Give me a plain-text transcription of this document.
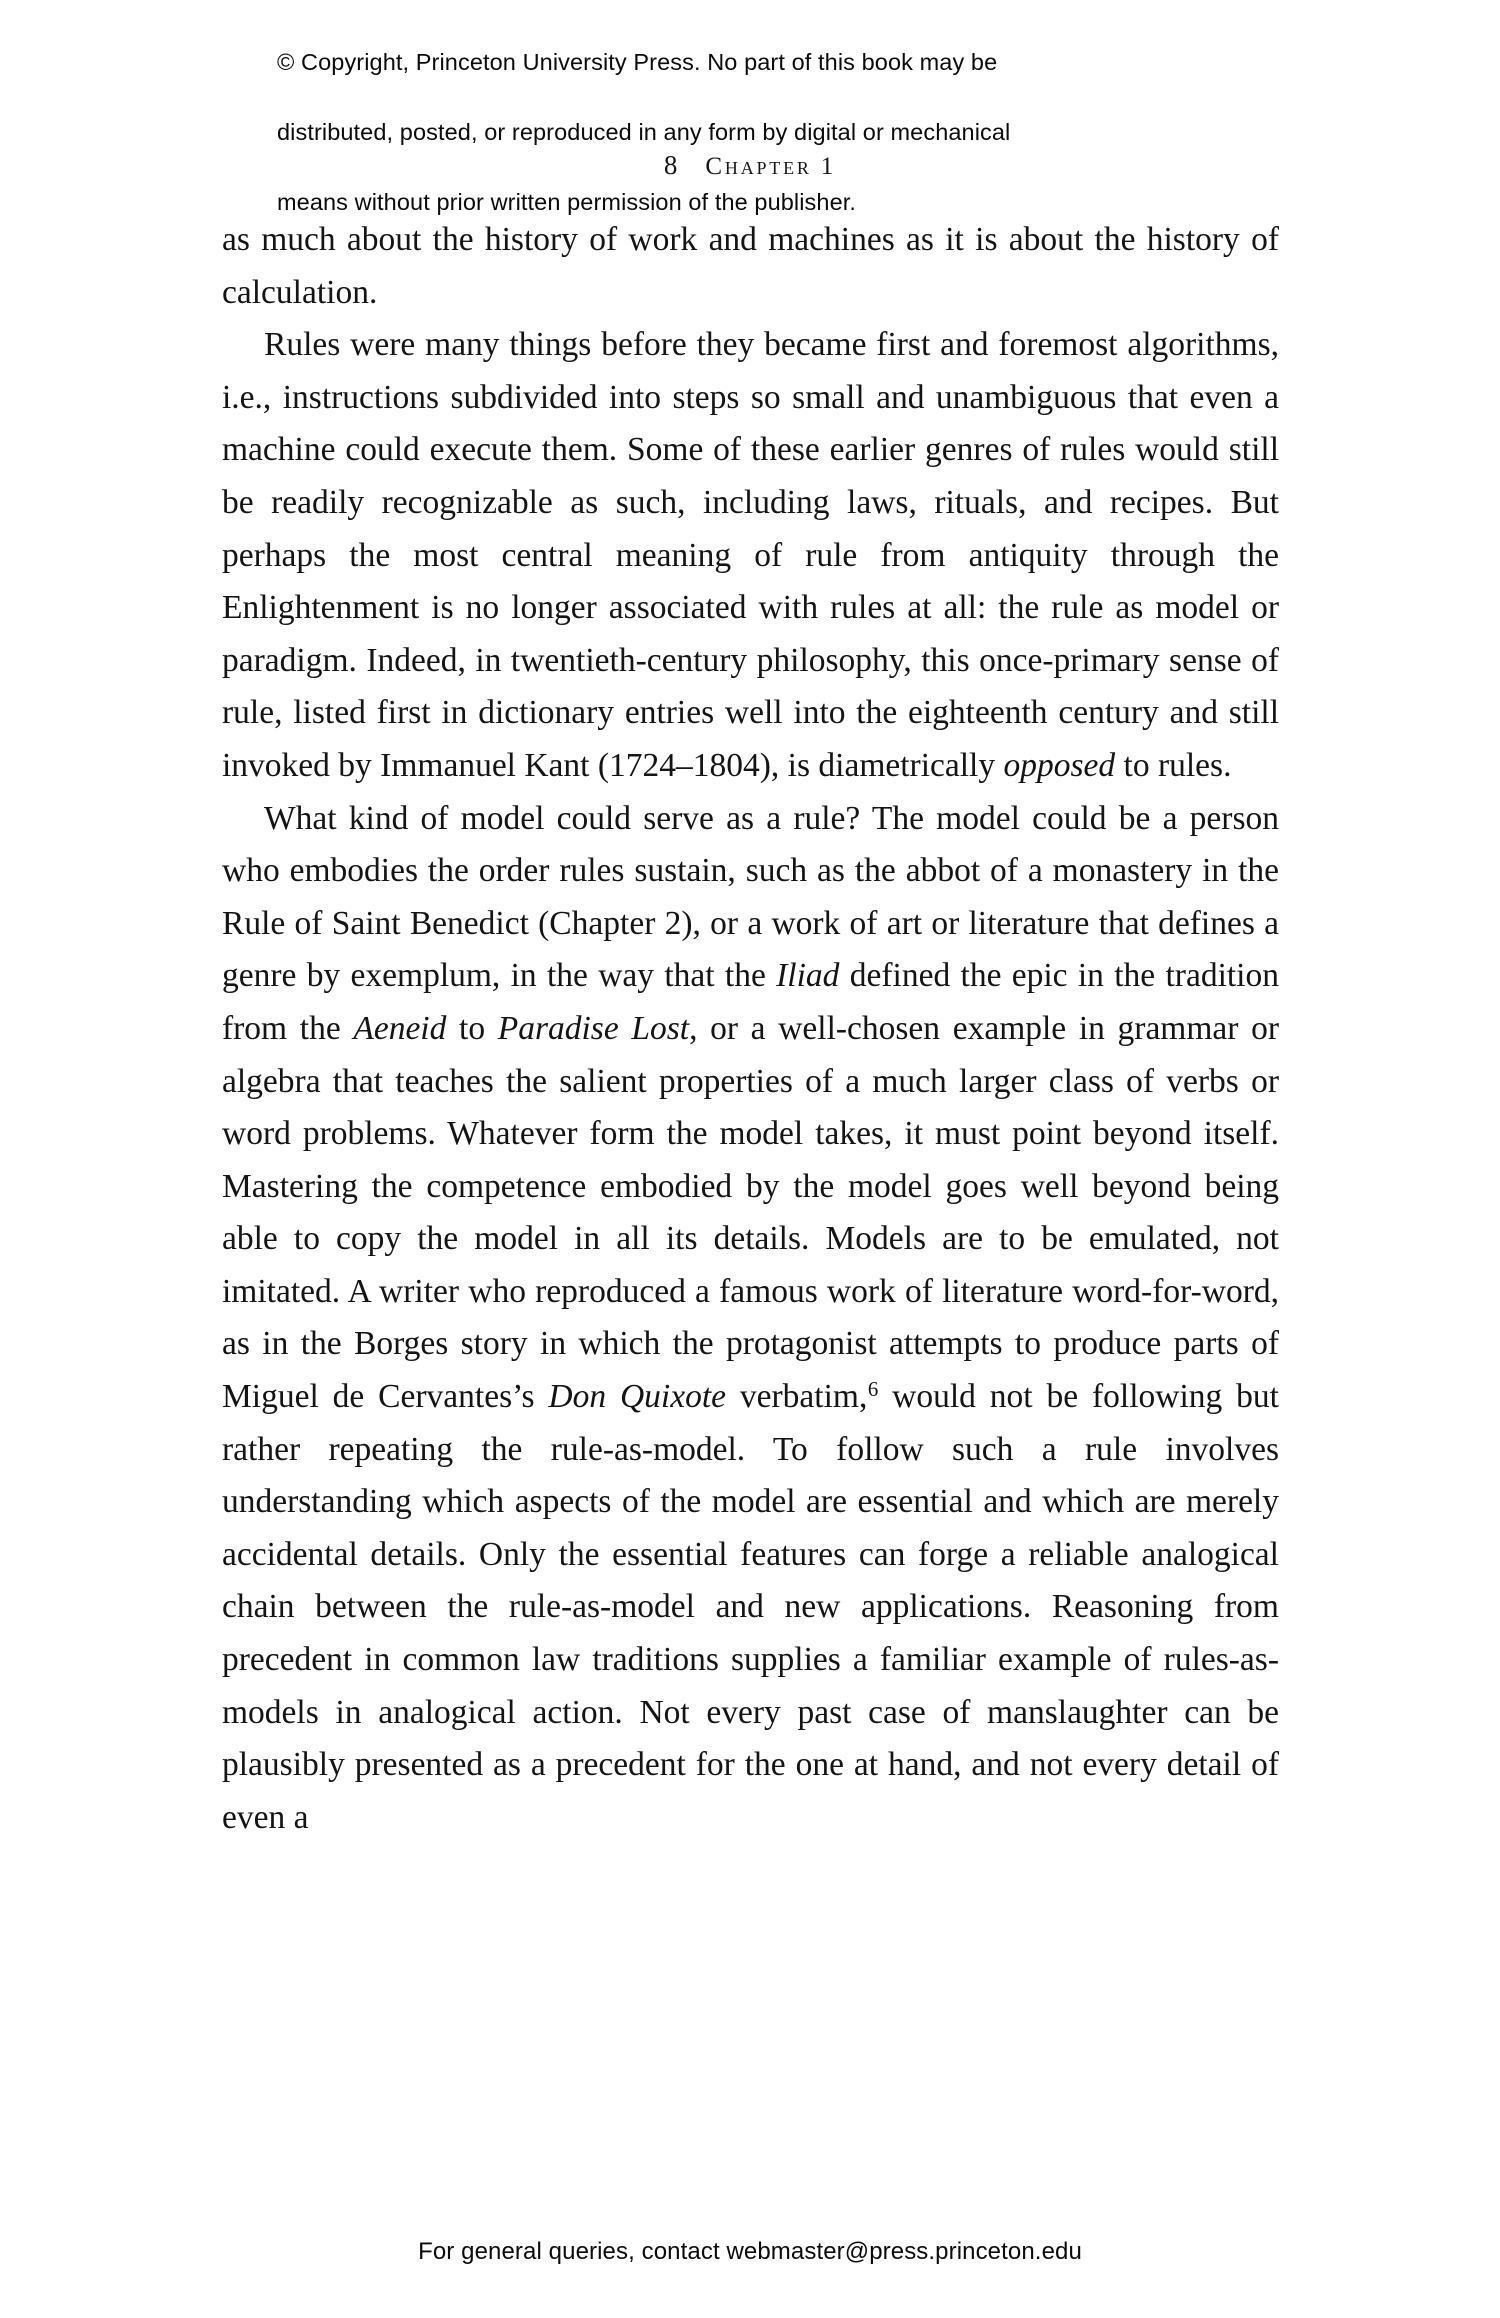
© Copyright, Princeton University Press. No part of this book may be

distributed, posted, or reproduced in any form by digital or mechanical

means without prior written permission of the publisher.

8 Chapter 1

as much about the history of work and machines as it is about the history of calculation.

Rules were many things before they became first and foremost algorithms, i.e., instructions subdivided into steps so small and unambiguous that even a machine could execute them. Some of these earlier genres of rules would still be readily recognizable as such, including laws, rituals, and recipes. But perhaps the most central meaning of rule from antiquity through the Enlightenment is no longer associated with rules at all: the rule as model or paradigm. Indeed, in twentieth-century philosophy, this once-primary sense of rule, listed first in dictionary entries well into the eighteenth century and still invoked by Immanuel Kant (1724–1804), is diametrically opposed to rules.

What kind of model could serve as a rule? The model could be a person who embodies the order rules sustain, such as the abbot of a monastery in the Rule of Saint Benedict (Chapter 2), or a work of art or literature that defines a genre by exemplum, in the way that the Iliad defined the epic in the tradition from the Aeneid to Paradise Lost, or a well-chosen example in grammar or algebra that teaches the salient properties of a much larger class of verbs or word problems. Whatever form the model takes, it must point beyond itself. Mastering the competence embodied by the model goes well beyond being able to copy the model in all its details. Models are to be emulated, not imitated. A writer who reproduced a famous work of literature word-for-word, as in the Borges story in which the protagonist attempts to produce parts of Miguel de Cervantes’s Don Quixote verbatim,$^6$ would not be following but rather repeating the rule-as-model. To follow such a rule involves understanding which aspects of the model are essential and which are merely accidental details. Only the essential features can forge a reliable analogical chain between the rule-as-model and new applications. Reasoning from precedent in common law traditions supplies a familiar example of rules-as-models in analogical action. Not every past case of manslaughter can be plausibly presented as a precedent for the one at hand, and not every detail of even a

For general queries, contact webmaster@press.princeton.edu
